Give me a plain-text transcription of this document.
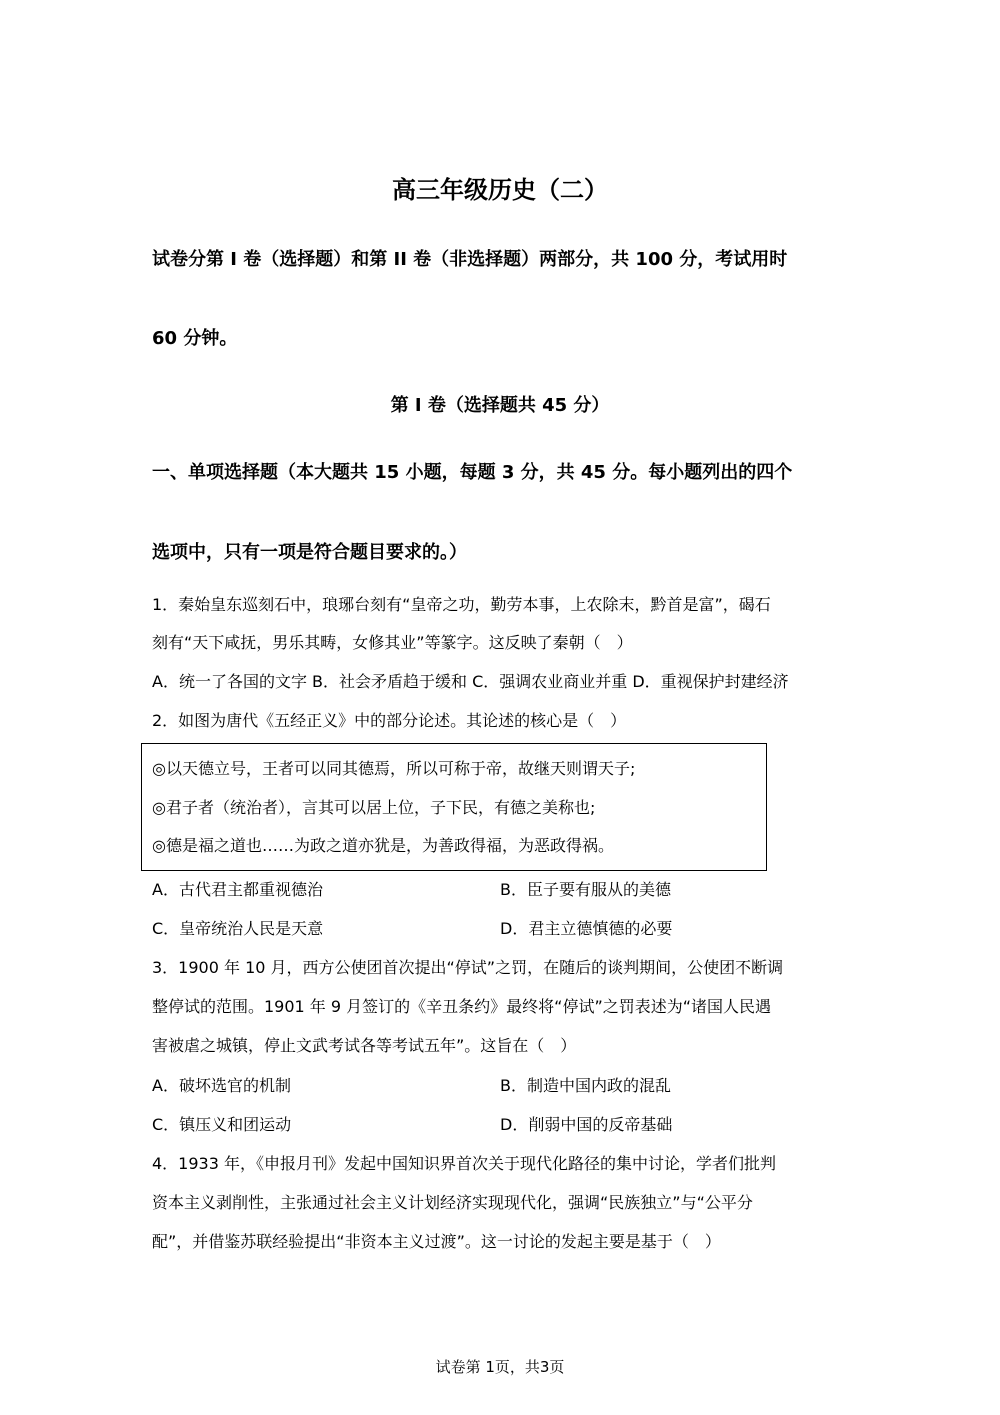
高三年级历史（二）
试卷分第 I 卷（选择题）和第 II 卷（非选择题）两部分，共 100 分，考试用时
60 分钟。
第 I 卷（选择题共 45 分）
一、单项选择题（本大题共 15 小题，每题 3 分，共 45 分。每小题列出的四个
选项中，只有一项是符合题目要求的。）
1．秦始皇东巡刻石中，琅琊台刻有“皇帝之功，勤劳本事，上农除末，黔首是富”，碣石
刻有“天下咸抚，男乐其畴，女修其业”等篆字。这反映了秦朝（　）
A．统一了各国的文字 B．社会矛盾趋于缓和 C．强调农业商业并重 D．重视保护封建经济
2．如图为唐代《五经正义》中的部分论述。其论述的核心是（　）
◎以天德立号，王者可以同其德焉，所以可称于帝，故继天则谓天子;
◎君子者（统治者），言其可以居上位，子下民，有德之美称也;
◎德是福之道也……为政之道亦犹是，为善政得福，为恶政得祸。
A．古代君主都重视德治	B．臣子要有服从的美德
C．皇帝统治人民是天意	D．君主立德慎德的必要
3．1900 年 10 月，西方公使团首次提出“停试”之罚，在随后的谈判期间，公使团不断调
整停试的范围。1901 年 9 月签订的《辛丑条约》最终将“停试”之罚表述为“诸国人民遇
害被虐之城镇，停止文武考试各等考试五年”。这旨在（　）
A．破坏选官的机制	B．制造中国内政的混乱
C．镇压义和团运动	D．削弱中国的反帝基础
4．1933 年，《申报月刊》发起中国知识界首次关于现代化路径的集中讨论，学者们批判
资本主义剥削性，主张通过社会主义计划经济实现现代化，强调“民族独立”与“公平分
配”，并借鉴苏联经验提出“非资本主义过渡”。这一讨论的发起主要是基于（　）
试卷第 1页，共3页
